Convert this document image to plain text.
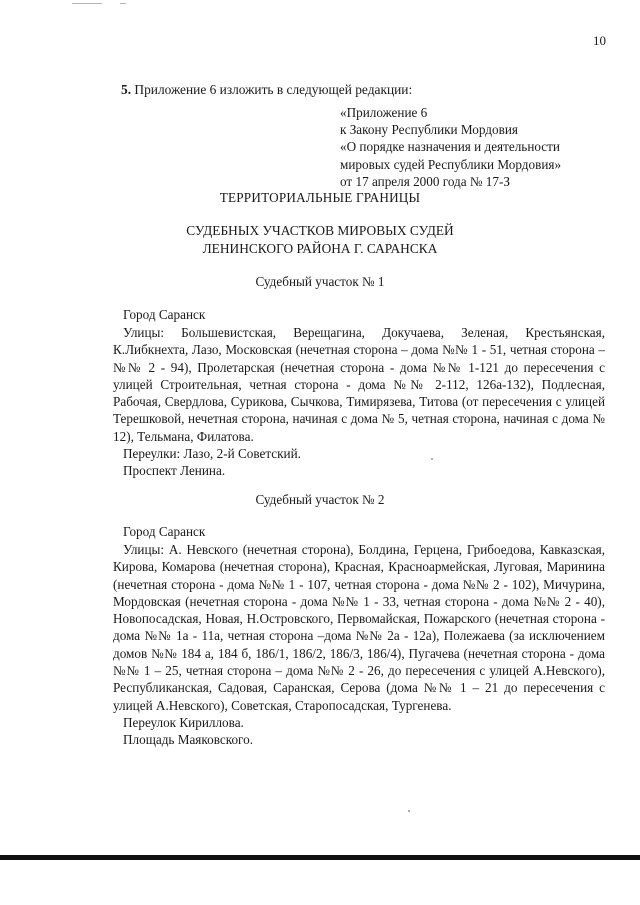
10
5. Приложение 6 изложить в следующей редакции:
«Приложение 6
к Закону Республики Мордовия
«О порядке назначения и деятельности
мировых судей Республики Мордовия»
от 17 апреля 2000 года № 17-З
ТЕРРИТОРИАЛЬНЫЕ ГРАНИЦЫ
СУДЕБНЫХ УЧАСТКОВ МИРОВЫХ СУДЕЙ
ЛЕНИНСКОГО РАЙОНА Г. САРАНСКА
Судебный участок № 1
Город Саранск
Улицы: Большевистская, Верещагина, Докучаева, Зеленая, Крестьянская, К.Либкнехта, Лазо, Московская (нечетная сторона – дома №№ 1 - 51, четная сторона – №№ 2 - 94), Пролетарская (нечетная сторона - дома №№ 1-121 до пересечения с улицей Строительная, четная сторона - дома №№ 2-112, 126а-132), Подлесная, Рабочая, Свердлова, Сурикова, Сычкова, Тимирязева, Титова (от пересечения с улицей Терешковой, нечетная сторона, начиная с дома № 5, четная сторона, начиная с дома № 12), Тельмана, Филатова.
Переулки: Лазо, 2-й Советский.
Проспект Ленина.
Судебный участок № 2
Город Саранск
Улицы: А. Невского (нечетная сторона), Болдина, Герцена, Грибоедова, Кавказская, Кирова, Комарова (нечетная сторона), Красная, Красноармейская, Луговая, Маринина (нечетная сторона - дома №№ 1 - 107, четная сторона - дома №№ 2 - 102), Мичурина, Мордовская (нечетная сторона - дома №№ 1 - 33, четная сторона - дома №№ 2 - 40), Новопосадская, Новая, Н.Островского, Первомайская, Пожарского (нечетная сторона - дома №№ 1а - 11а, четная сторона –дома №№ 2а - 12а), Полежаева (за исключением домов №№ 184 а, 184 б, 186/1, 186/2, 186/3, 186/4), Пугачева (нечетная сторона - дома №№ 1 – 25, четная сторона – дома №№ 2 - 26, до пересечения с улицей А.Невского), Республиканская, Садовая, Саранская, Серова (дома №№ 1 – 21 до пересечения с улицей А.Невского), Советская, Старопосадская, Тургенева.
Переулок Кириллова.
Площадь Маяковского.
